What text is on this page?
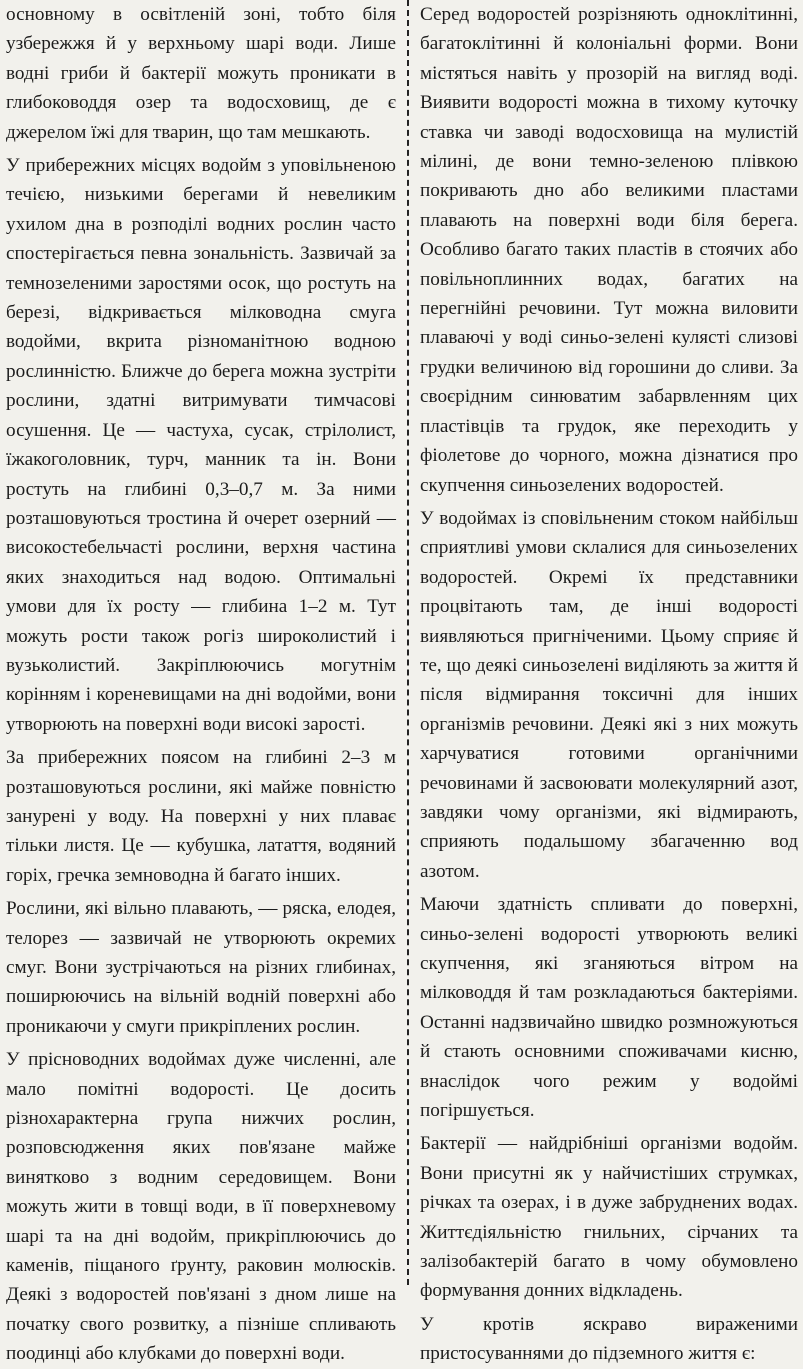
основному в освітленій зоні, тобто біля узбережжя й у верхньому шарі води. Лише водні гриби й бактерії можуть проникати в глибоководдя озер та водосховищ, де є джерелом їжі для тварин, що там мешкають.

У прибережних місцях водойм з уповільненою течією, низькими берегами й невеликим ухилом дна в розподілі водних рослин часто спостерігається певна зональність. Зазвичай за темнозеленими заростями осок, що ростуть на березі, відкривається мілководна смуга водойми, вкрита різноманітною водною рослинністю. Ближче до берега можна зустріти рослини, здатні витримувати тимчасові осушення. Це — частуха, сусак, стрілолист, їжакоголовник, турч, манник та ін. Вони ростуть на глибині 0,3–0,7 м. За ними розташовуються тростина й очерет озерний — високостебельчасті рослини, верхня частина яких знаходиться над водою. Оптимальні умови для їх росту — глибина 1–2 м. Тут можуть рости також рогіз широколистий і вузьколистий. Закріплюючись могутнім корінням і кореневищами на дні водойми, вони утворюють на поверхні води високі зарості.

За прибережних поясом на глибині 2–3 м розташовуються рослини, які майже повністю занурені у воду. На поверхні у них плаває тільки листя. Це — кубушка, латаття, водяний горіх, гречка земноводна й багато інших.

Рослини, які вільно плавають, — ряска, елодея, телорез — зазвичай не утворюють окремих смуг. Вони зустрічаються на різних глибинах, поширюючись на вільній водній поверхні або проникаючи у смуги прикріплених рослин.

У прісноводних водоймах дуже численні, але мало помітні водорості. Це досить різнохарактерна група нижчих рослин, розповсюдження яких пов'язане майже винятково з водним середовищем. Вони можуть жити в товщі води, в її поверхневому шарі та на дні водойм, прикріплюючись до каменів, піщаного ґрунту, раковин молюсків. Деякі з водоростей пов'язані з дном лише на початку свого розвитку, а пізніше спливають поодинці або клубками до поверхні води.

Серед водоростей розрізняють одноклітинні, багатоклітинні й колоніальні форми. Вони містяться навіть у прозорій на вигляд воді. Виявити водорості можна в тихому куточку ставка чи заводі водосховища на мулистій мілині, де вони темно-зеленою плівкою покривають дно або великими пластами плавають на поверхні води біля берега. Особливо багато таких пластів в стоячих або повільноплинних водах, багатих на перегнійні речовини. Тут можна виловити плаваючі у воді синьо-зелені кулясті слизові грудки величиною від горошини до сливи. За своєрідним синюватим забарвленням цих пластівців та грудок, яке переходить у фіолетове до чорного, можна дізнатися про скупчення синьозелених водоростей.

У водоймах із сповільненим стоком найбільш сприятливі умови склалися для синьозелених водоростей. Окремі їх представники процвітають там, де інші водорості виявляються пригніченими. Цьому сприяє й те, що деякі синьозелені виділяють за життя й після відмирання токсичні для інших організмів речовини. Деякі які з них можуть харчуватися готовими органічними речовинами й засвоювати молекулярний азот, завдяки чому організми, які відмирають, сприяють подальшому збагаченню вод азотом.

Маючи здатність спливати до поверхні, синьо-зелені водорості утворюють великі скупчення, які зганяються вітром на мілководдя й там розкладаються бактеріями. Останні надзвичайно швидко розмножуються й стають основними споживачами кисню, внаслідок чого режим у водоймі погіршується.

Бактерії — найдрібніші організми водойм. Вони присутні як у найчистіших струмках, річках та озерах, і в дуже забруднених водах. Життєдіяльністю гнильних, сірчаних та залізобактерій багато в чому обумовлено формування донних відкладень.

У кротів яскраво вираженими пристосуваннями до підземного життя є:
